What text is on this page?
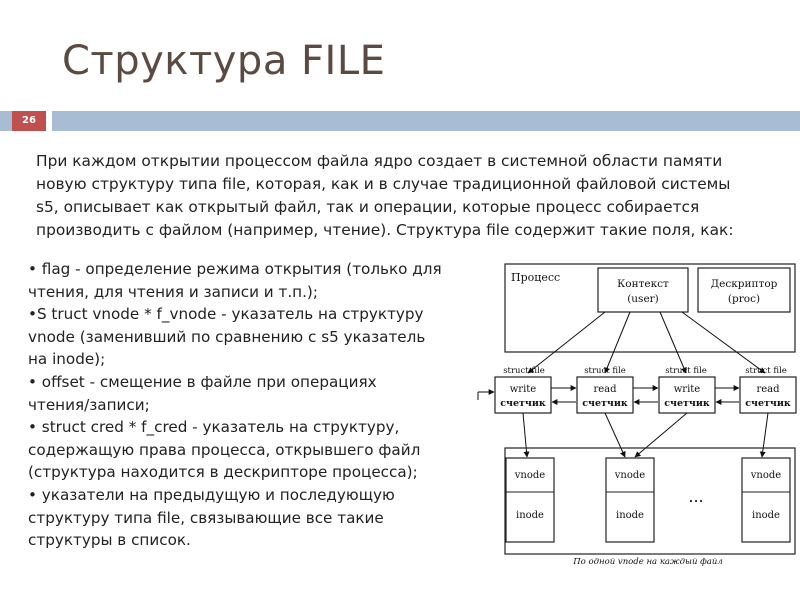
Структура FILE
26

При каждом открытии процессом файла ядро создает в системной области памяти

новую структуру типа file, которая, как и в случае традиционной файловой системы

s5, описывает как открытый файл, так и операции, которые процесс собирается

производить с файлом (например, чтение). Структура file содержит такие поля, как:

• flag - определение режима открытия (только для

чтения, для чтения и записи и т.п.);

•S truct vnode * f_vnode - указатель на структуру

vnode (заменивший по сравнению с s5 указатель

на inode);

• offset - смещение в файле при операциях

чтения/записи;

• struct cred * f_cred - указатель на структуру,

содержащую права процесса, открывшего файл

(структура находится в дескрипторе процесса);

• указатели на предыдущую и последующую

структуру типа file, связывающие все такие

структуры в список.

Процесс	Контекст
(user)
Дескриптор
(proc)
struct file	struct file	struct file	struct file
write
счетчик
read
счетчик
write
счетчик
read
счетчик
vnode
inode
vnode
inode
...
vnode
inode
По одной vnode на каждый файл
